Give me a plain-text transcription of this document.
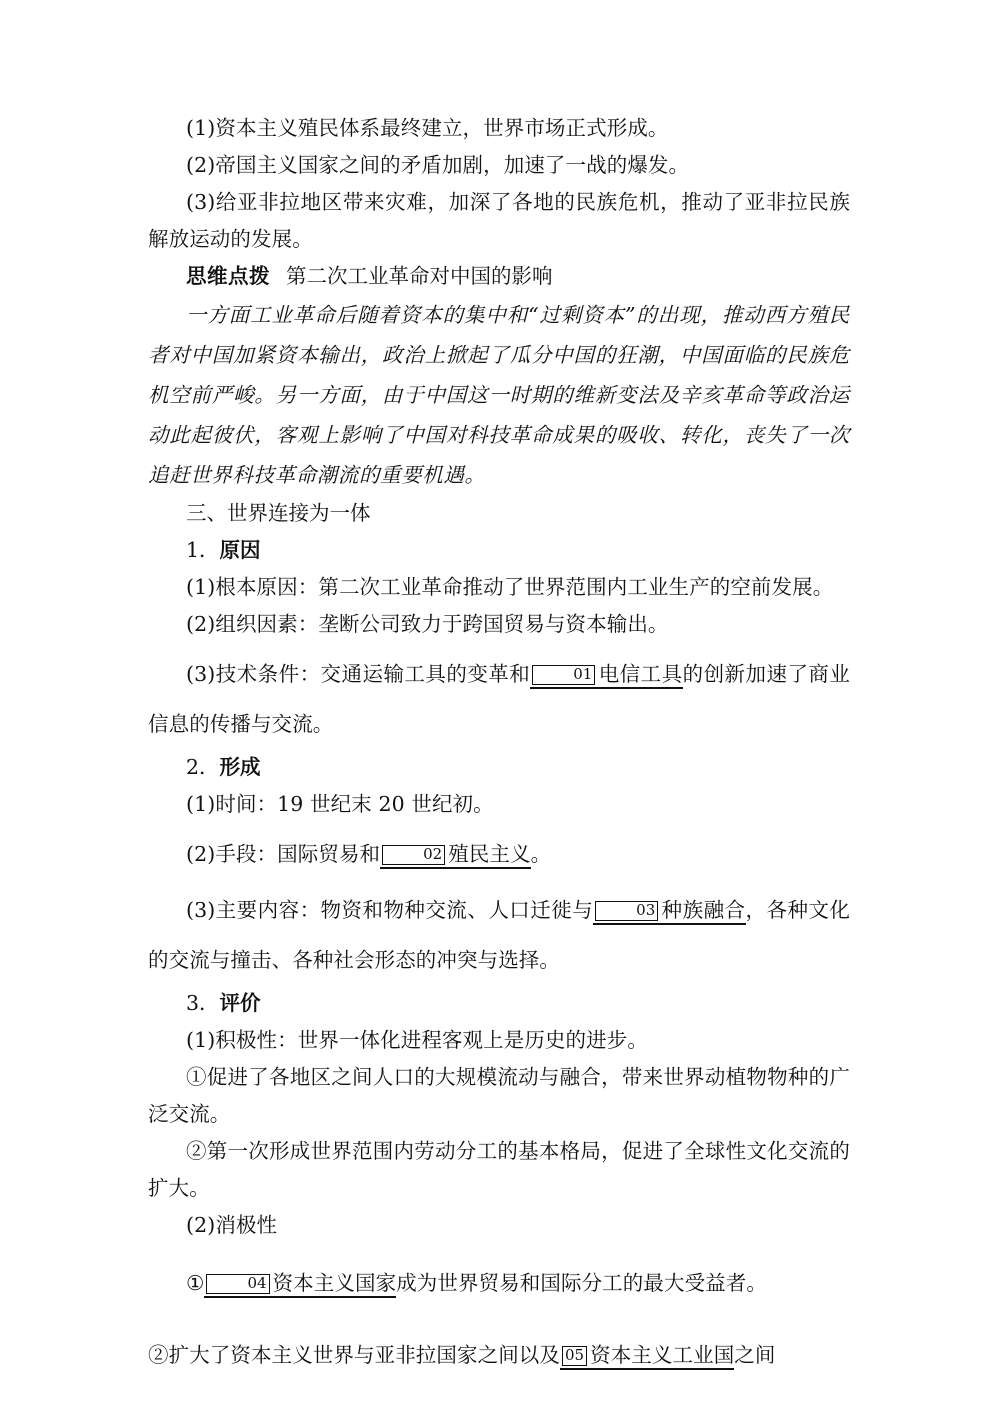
(1)资本主义殖民体系最终建立，世界市场正式形成。

(2)帝国主义国家之间的矛盾加剧，加速了一战的爆发。

(3)给亚非拉地区带来灾难，加深了各地的民族危机，推动了亚非拉民族解放运动的发展。

思维点拨 第二次工业革命对中国的影响

一方面工业革命后随着资本的集中和“过剩资本”的出现，推动西方殖民者对中国加紧资本输出，政治上掀起了瓜分中国的狂潮，中国面临的民族危机空前严峻。另一方面，由于中国这一时期的维新变法及辛亥革命等政治运动此起彼伏，客观上影响了中国对科技革命成果的吸收、转化，丧失了一次追赶世界科技革命潮流的重要机遇。

三、世界连接为一体

1．原因

(1)根本原因：第二次工业革命推动了世界范围内工业生产的空前发展。

(2)组织因素：垄断公司致力于跨国贸易与资本输出。

(3)技术条件：交通运输工具的变革和	01 电信工具的创新加速了商业信息的传播与交流。

2．形成

(1)时间：19 世纪末 20 世纪初。

(2)手段：国际贸易和	02 殖民主义。

(3)主要内容：物资和物种交流、人口迁徙与	03 种族融合，各种文化的交流与撞击、各种社会形态的冲突与选择。

3．评价

(1)积极性：世界一体化进程客观上是历史的进步。

①促进了各地区之间人口的大规模流动与融合，带来世界动植物物种的广泛交流。

②第一次形成世界范围内劳动分工的基本格局，促进了全球性文化交流的扩大。

(2)消极性

①	04 资本主义国家成为世界贸易和国际分工的最大受益者。

②扩大了资本主义世界与亚非拉国家之间以及 05 资本主义工业国之间
